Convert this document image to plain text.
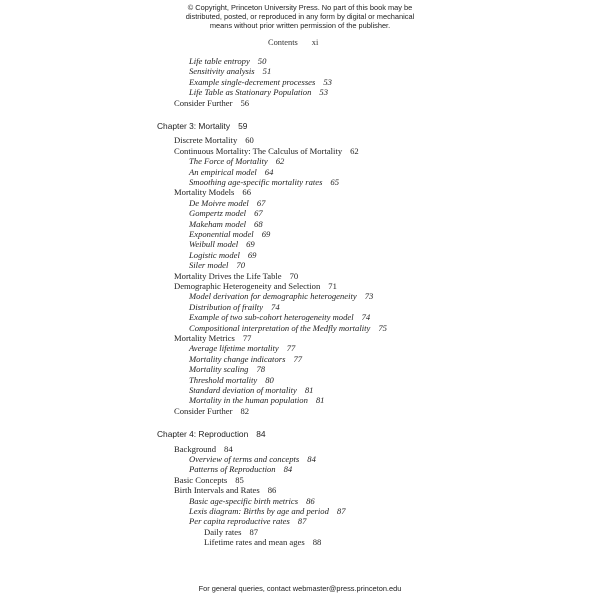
© Copyright, Princeton University Press. No part of this book may be
distributed, posted, or reproduced in any form by digital or mechanical
means without prior written permission of the publisher.
Contents xi
Life table entropy 50
Sensitivity analysis 51
Example single-decrement processes 53
Life Table as Stationary Population 53
Consider Further 56
Chapter 3: Mortality 59
Discrete Mortality 60
Continuous Mortality: The Calculus of Mortality 62
The Force of Mortality 62
An empirical model 64
Smoothing age-specific mortality rates 65
Mortality Models 66
De Moivre model 67
Gompertz model 67
Makeham model 68
Exponential model 69
Weibull model 69
Logistic model 69
Siler model 70
Mortality Drives the Life Table 70
Demographic Heterogeneity and Selection 71
Model derivation for demographic heterogeneity 73
Distribution of frailty 74
Example of two sub-cohort heterogeneity model 74
Compositional interpretation of the Medfly mortality 75
Mortality Metrics 77
Average lifetime mortality 77
Mortality change indicators 77
Mortality scaling 78
Threshold mortality 80
Standard deviation of mortality 81
Mortality in the human population 81
Consider Further 82
Chapter 4: Reproduction 84
Background 84
Overview of terms and concepts 84
Patterns of Reproduction 84
Basic Concepts 85
Birth Intervals and Rates 86
Basic age-specific birth metrics 86
Lexis diagram: Births by age and period 87
Per capita reproductive rates 87
Daily rates 87
Lifetime rates and mean ages 88
For general queries, contact webmaster@press.princeton.edu
